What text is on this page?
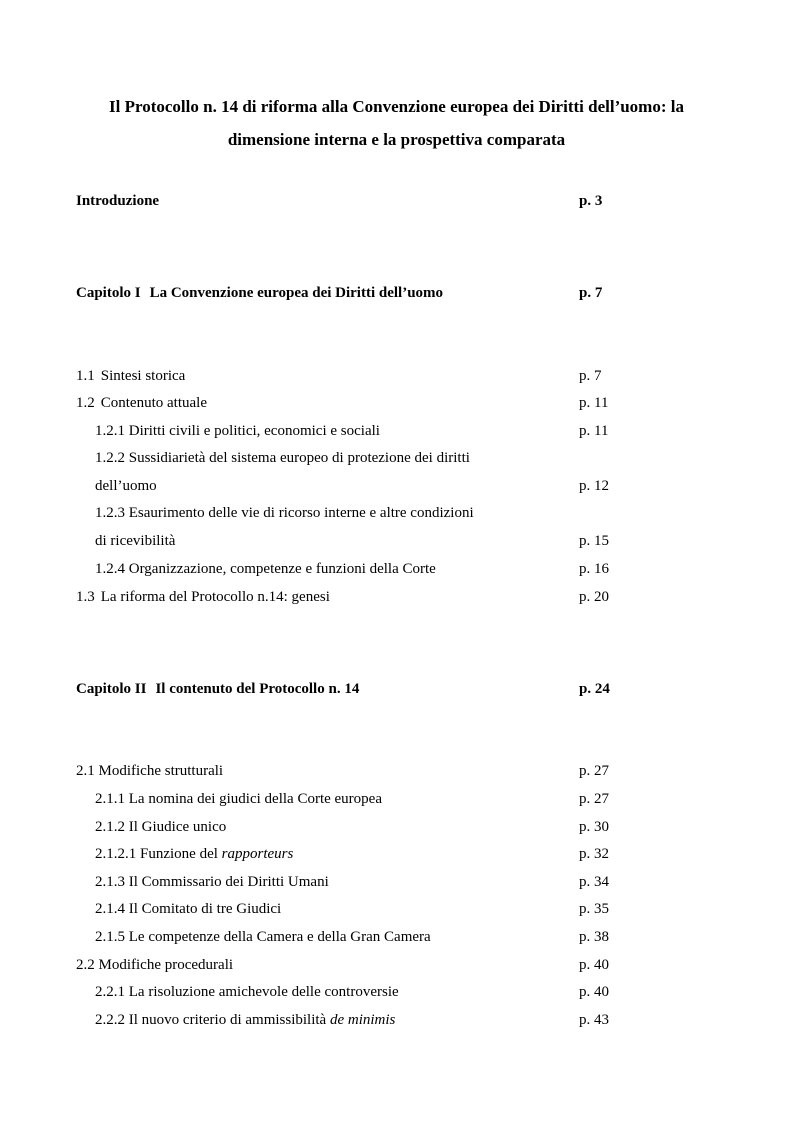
Il Protocollo n. 14 di riforma alla Convenzione europea dei Diritti dell’uomo: la
dimensione interna e la prospettiva comparata
Introduzione	p. 3
Capitolo I La Convenzione europea dei Diritti dell’uomo	p. 7
1.1 Sintesi storica	p. 7
1.2 Contenuto attuale	p. 11
1.2.1 Diritti civili e politici, economici e sociali	p. 11
1.2.2 Sussidiarietà del sistema europeo di protezione dei diritti
dell’uomo	p. 12
1.2.3 Esaurimento delle vie di ricorso interne e altre condizioni
di ricevibilità	p. 15
1.2.4 Organizzazione, competenze e funzioni della Corte	p. 16
1.3 La riforma del Protocollo n.14: genesi	p. 20
Capitolo II Il contenuto del Protocollo n. 14	p. 24
2.1 Modifiche strutturali	p. 27
2.1.1 La nomina dei giudici della Corte europea	p. 27
2.1.2 Il Giudice unico	p. 30
2.1.2.1 Funzione del rapporteurs	p. 32
2.1.3 Il Commissario dei Diritti Umani	p. 34
2.1.4 Il Comitato di tre Giudici	p. 35
2.1.5 Le competenze della Camera e della Gran Camera	p. 38
2.2 Modifiche procedurali	p. 40
2.2.1 La risoluzione amichevole delle controversie	p. 40
2.2.2 Il nuovo criterio di ammissibilità de minimis	p. 43
